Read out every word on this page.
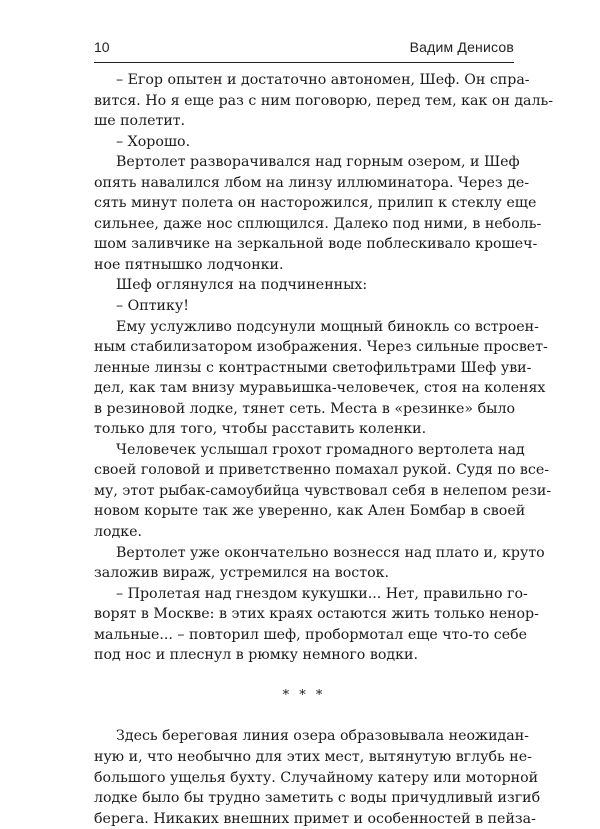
10	Вадим Денисов

– Егор опытен и достаточно автономен, Шеф. Он спра-
вится. Но я еще раз с ним поговорю, перед тем, как он даль-
ше полетит.

– Хорошо.

Вертолет разворачивался над горным озером, и Шеф
опять навалился лбом на линзу иллюминатора. Через де-
сять минут полета он насторожился, прилип к стеклу еще
сильнее, даже нос сплющился. Далеко под ними, в неболь-
шом заливчике на зеркальной воде поблескивало крошеч-
ное пятнышко лодчонки.

Шеф оглянулся на подчиненных:

– Оптику!

Ему услужливо подсунули мощный бинокль со встроен-
ным стабилизатором изображения. Через сильные просвет-
ленные линзы с контрастными светофильтрами Шеф уви-
дел, как там внизу муравьишка-человечек, стоя на коленях
в резиновой лодке, тянет сеть. Места в «резинке» было
только для того, чтобы расставить коленки.

Человечек услышал грохот громадного вертолета над
своей головой и приветственно помахал рукой. Судя по все-
му, этот рыбак-самоубийца чувствовал себя в нелепом рези-
новом корыте так же уверенно, как Ален Бомбар в своей
лодке.

Вертолет уже окончательно вознесся над плато и, круто
заложив вираж, устремился на восток.

– Пролетая над гнездом кукушки... Нет, правильно го-
ворят в Москве: в этих краях остаются жить только ненор-
мальные... – повторил шеф, пробормотал еще что-то себе
под нос и плеснул в рюмку немного водки.

* * *

Здесь береговая линия озера образовывала неожидан-
ную и, что необычно для этих мест, вытянутую вглубь не-
большого ущелья бухту. Случайному катеру или моторной
лодке было бы трудно заметить с воды причудливый изгиб
берега. Никаких внешних примет и особенностей в пейза-
